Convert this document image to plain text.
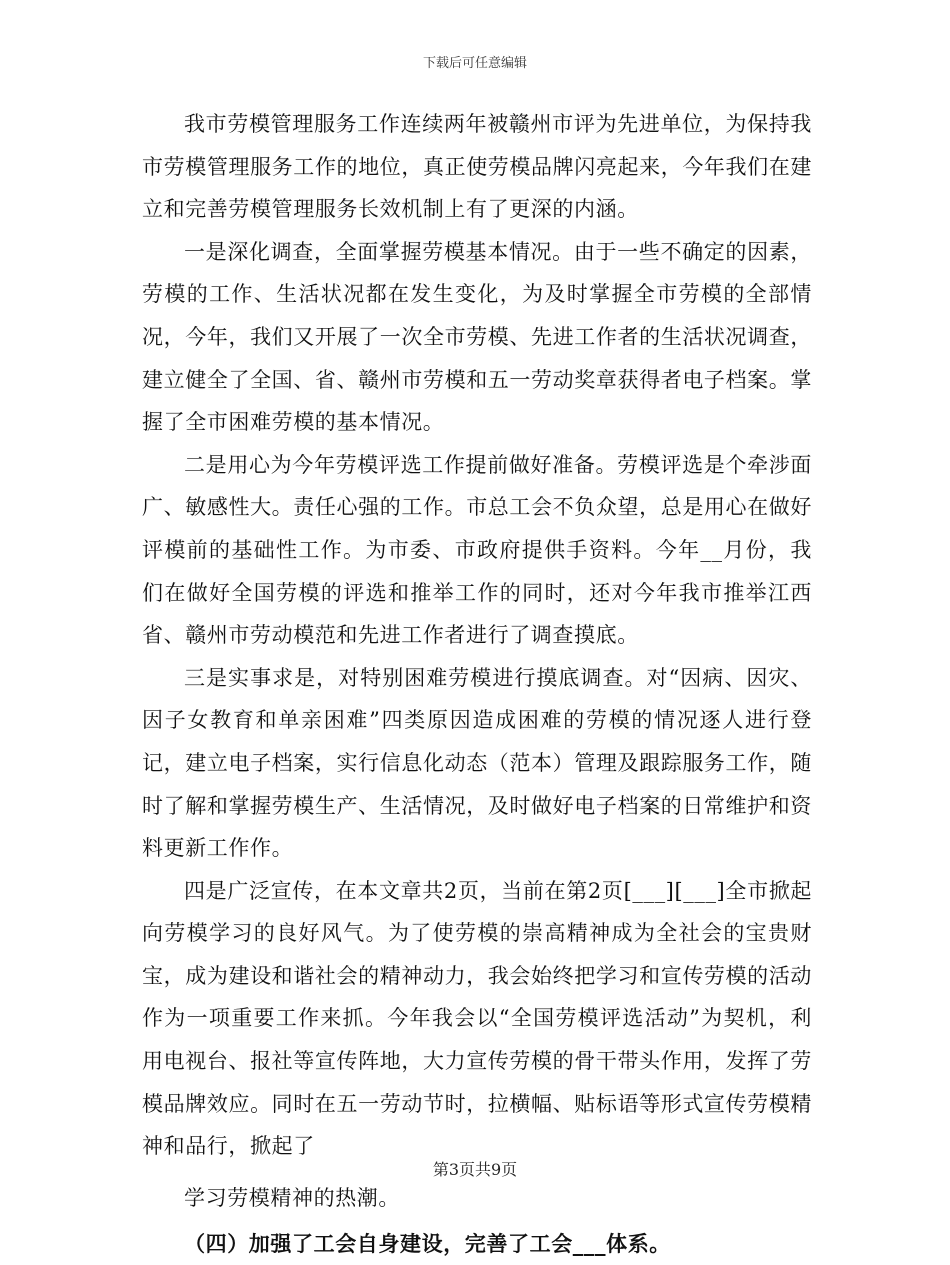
下载后可任意编辑

我市劳模管理服务工作连续两年被赣州市评为先进单位，为保持我市劳模管理服务工作的地位，真正使劳模品牌闪亮起来，今年我们在建立和完善劳模管理服务长效机制上有了更深的内涵。

一是深化调查，全面掌握劳模基本情况。由于一些不确定的因素，劳模的工作、生活状况都在发生变化，为及时掌握全市劳模的全部情况，今年，我们又开展了一次全市劳模、先进工作者的生活状况调查，建立健全了全国、省、赣州市劳模和五一劳动奖章获得者电子档案。掌握了全市困难劳模的基本情况。

二是用心为今年劳模评选工作提前做好准备。劳模评选是个牵涉面广、敏感性大。责任心强的工作。市总工会不负众望，总是用心在做好评模前的基础性工作。为市委、市政府提供手资料。今年__月份，我们在做好全国劳模的评选和推举工作的同时，还对今年我市推举江西省、赣州市劳动模范和先进工作者进行了调查摸底。

三是实事求是，对特别困难劳模进行摸底调查。对“因病、因灾、因子女教育和单亲困难”四类原因造成困难的劳模的情况逐人进行登记，建立电子档案，实行信息化动态（范本）管理及跟踪服务工作，随时了解和掌握劳模生产、生活情况，及时做好电子档案的日常维护和资料更新工作作。

四是广泛宣传，在本文章共2页，当前在第2页[___][___]全市掀起向劳模学习的良好风气。为了使劳模的崇高精神成为全社会的宝贵财宝，成为建设和谐社会的精神动力，我会始终把学习和宣传劳模的活动作为一项重要工作来抓。今年我会以“全国劳模评选活动”为契机，利用电视台、报社等宣传阵地，大力宣传劳模的骨干带头作用，发挥了劳模品牌效应。同时在五一劳动节时，拉横幅、贴标语等形式宣传劳模精神和品行，掀起了

学习劳模精神的热潮。

（四）加强了工会自身建设，完善了工会___体系。

第3页共9页
